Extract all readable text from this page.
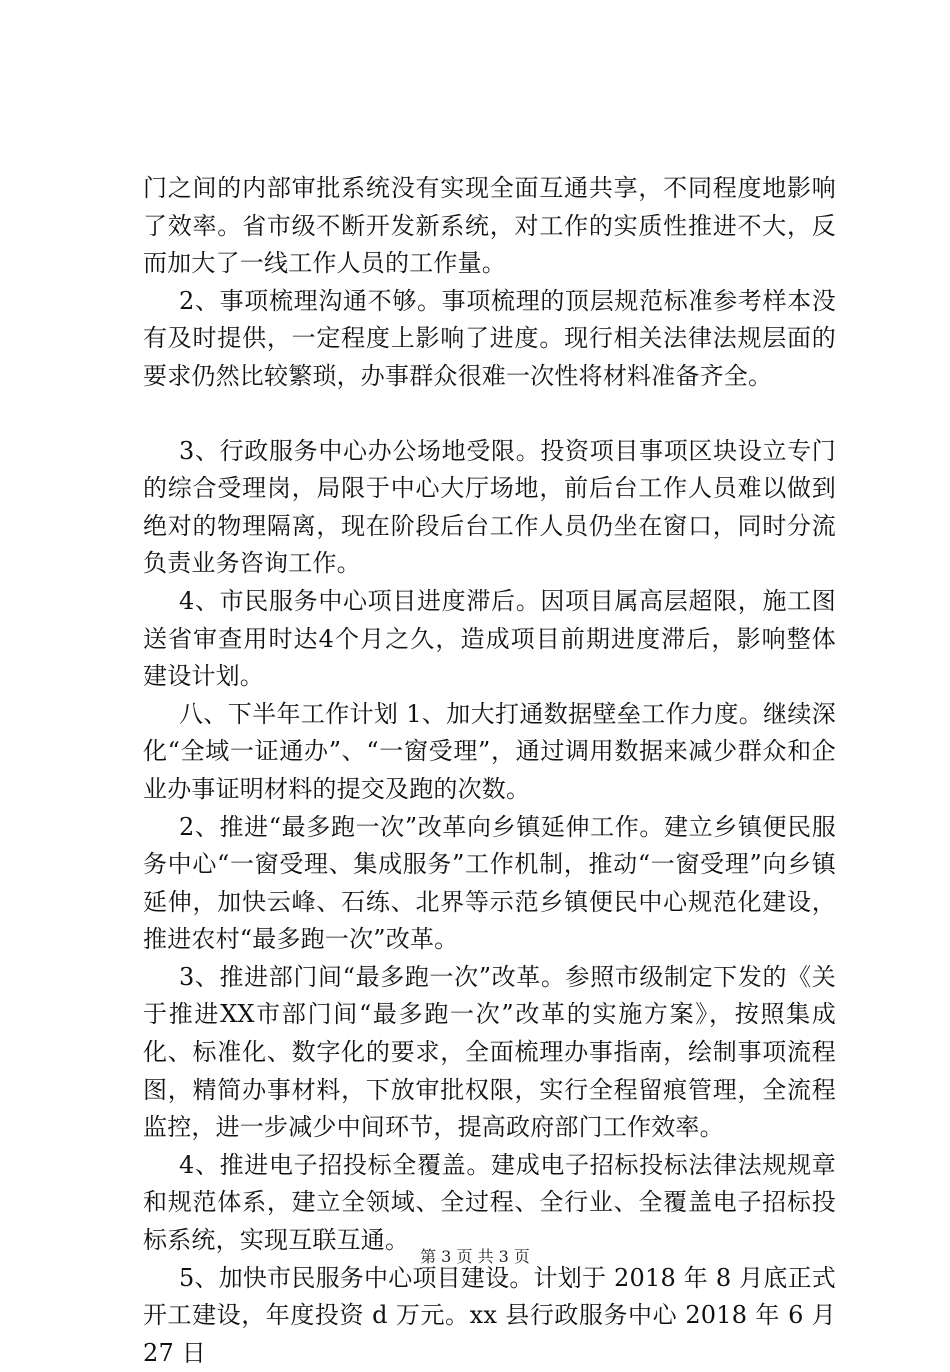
门之间的内部审批系统没有实现全面互通共享，不同程度地影响了效率。省市级不断开发新系统，对工作的实质性推进不大，反而加大了一线工作人员的工作量。

2、事项梳理沟通不够。事项梳理的顶层规范标准参考样本没有及时提供，一定程度上影响了进度。现行相关法律法规层面的要求仍然比较繁琐，办事群众很难一次性将材料准备齐全。

3、行政服务中心办公场地受限。投资项目事项区块设立专门的综合受理岗，局限于中心大厅场地，前后台工作人员难以做到绝对的物理隔离，现在阶段后台工作人员仍坐在窗口，同时分流负责业务咨询工作。

4、市民服务中心项目进度滞后。因项目属高层超限，施工图送省审查用时达4个月之久，造成项目前期进度滞后，影响整体建设计划。

八、下半年工作计划 1、加大打通数据壁垒工作力度。继续深化“全域一证通办”、“一窗受理”，通过调用数据来减少群众和企业办事证明材料的提交及跑的次数。

2、推进“最多跑一次”改革向乡镇延伸工作。建立乡镇便民服务中心“一窗受理、集成服务”工作机制，推动“一窗受理”向乡镇延伸，加快云峰、石练、北界等示范乡镇便民中心规范化建设，推进农村“最多跑一次”改革。

3、推进部门间“最多跑一次”改革。参照市级制定下发的《关于推进XX市部门间“最多跑一次”改革的实施方案》，按照集成化、标准化、数字化的要求，全面梳理办事指南，绘制事项流程图，精简办事材料，下放审批权限，实行全程留痕管理，全流程监控，进一步减少中间环节，提高政府部门工作效率。

4、推进电子招投标全覆盖。建成电子招标投标法律法规规章和规范体系，建立全领域、全过程、全行业、全覆盖电子招标投标系统，实现互联互通。

5、加快市民服务中心项目建设。计划于 2018 年 8 月底正式开工建设，年度投资 d 万元。xx 县行政服务中心 2018 年 6 月 27 日

第 3 页 共 3 页
